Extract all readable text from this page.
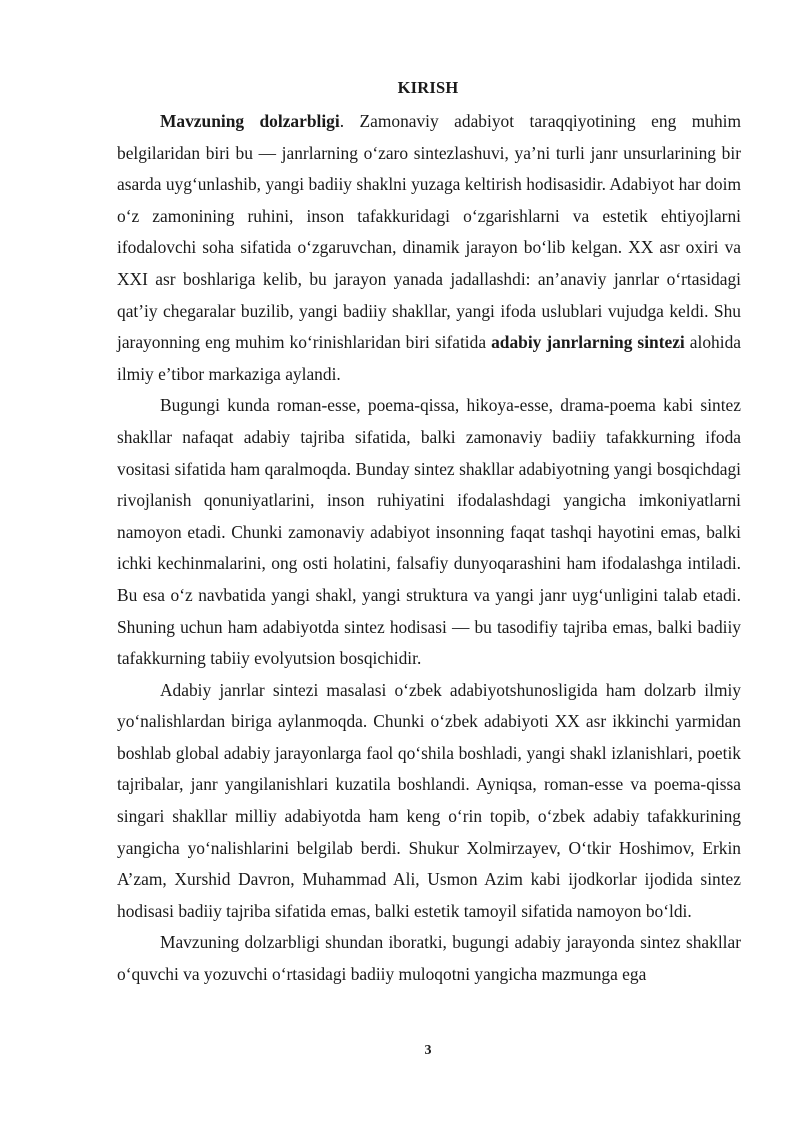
KIRISH

Mavzuning dolzarbligi. Zamonaviy adabiyot taraqqiyotining eng muhim belgilaridan biri bu — janrlarning o‘zaro sintezlashuvi, ya’ni turli janr unsurlarining bir asarda uyg‘unlashib, yangi badiiy shaklni yuzaga keltirish hodisasidir. Adabiyot har doim o‘z zamonining ruhini, inson tafakkuridagi o‘zgarishlarni va estetik ehtiyojlarni ifodalovchi soha sifatida o‘zgaruvchan, dinamik jarayon bo‘lib kelgan. XX asr oxiri va XXI asr boshlariga kelib, bu jarayon yanada jadallashdi: an’anaviy janrlar o‘rtasidagi qat’iy chegaralar buzilib, yangi badiiy shakllar, yangi ifoda uslublari vujudga keldi. Shu jarayonning eng muhim ko‘rinishlaridan biri sifatida adabiy janrlarning sintezi alohida ilmiy e’tibor markaziga aylandi.

Bugungi kunda roman-esse, poema-qissa, hikoya-esse, drama-poema kabi sintez shakllar nafaqat adabiy tajriba sifatida, balki zamonaviy badiiy tafakkurning ifoda vositasi sifatida ham qaralmoqda. Bunday sintez shakllar adabiyotning yangi bosqichdagi rivojlanish qonuniyatlarini, inson ruhiyatini ifodalashdagi yangicha imkoniyatlarni namoyon etadi. Chunki zamonaviy adabiyot insonning faqat tashqi hayotini emas, balki ichki kechinmalarini, ong osti holatini, falsafiy dunyoqarashini ham ifodalashga intiladi. Bu esa o‘z navbatida yangi shakl, yangi struktura va yangi janr uyg‘unligini talab etadi. Shuning uchun ham adabiyotda sintez hodisasi — bu tasodifiy tajriba emas, balki badiiy tafakkurning tabiiy evolyutsion bosqichidir.

Adabiy janrlar sintezi masalasi o‘zbek adabiyotshunosligida ham dolzarb ilmiy yo‘nalishlardan biriga aylanmoqda. Chunki o‘zbek adabiyoti XX asr ikkinchi yarmidan boshlab global adabiy jarayonlarga faol qo‘shila boshladi, yangi shakl izlanishlari, poetik tajribalar, janr yangilanishlari kuzatila boshlandi. Ayniqsa, roman-esse va poema-qissa singari shakllar milliy adabiyotda ham keng o‘rin topib, o‘zbek adabiy tafakkurining yangicha yo‘nalishlarini belgilab berdi. Shukur Xolmirzayev, O‘tkir Hoshimov, Erkin A’zam, Xurshid Davron, Muhammad Ali, Usmon Azim kabi ijodkorlar ijodida sintez hodisasi badiiy tajriba sifatida emas, balki estetik tamoyil sifatida namoyon bo‘ldi.

Mavzuning dolzarbligi shundan iboratki, bugungi adabiy jarayonda sintez shakllar o‘quvchi va yozuvchi o‘rtasidagi badiiy muloqotni yangicha mazmunga ega

3
